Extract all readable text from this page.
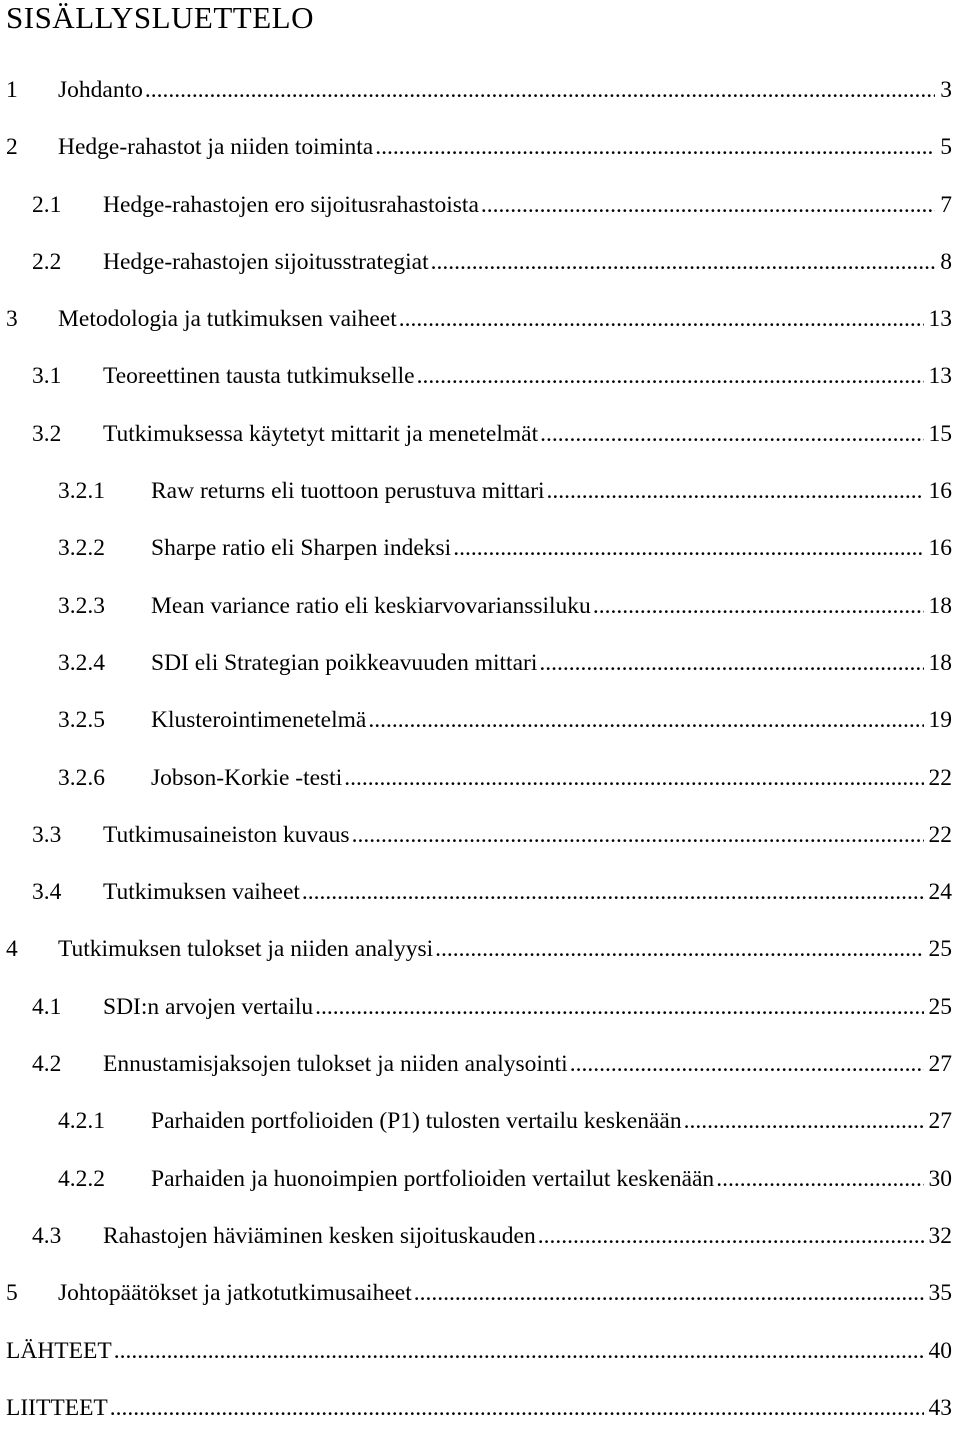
SISÄLLYSLUETTELO
1 Johdanto .....	3
2 Hedge-rahastot ja niiden toiminta .....	5
2.1 Hedge-rahastojen ero sijoitusrahastoista .....	7
2.2 Hedge-rahastojen sijoitusstrategiat .....	8
3 Metodologia ja tutkimuksen vaiheet .....	13
3.1 Teoreettinen tausta tutkimukselle .....	13
3.2 Tutkimuksessa käytetyt mittarit ja menetelmät .....	15
3.2.1 Raw returns eli tuottoon perustuva mittari .....	16
3.2.2 Sharpe ratio eli Sharpen indeksi .....	16
3.2.3 Mean variance ratio eli keskiarvovarianssiluku .....	18
3.2.4 SDI eli Strategian poikkeavuuden mittari .....	18
3.2.5 Klusterointimenetelmä .....	19
3.2.6 Jobson-Korkie -testi .....	22
3.3 Tutkimusaineiston kuvaus .....	22
3.4 Tutkimuksen vaiheet .....	24
4 Tutkimuksen tulokset ja niiden analyysi .....	25
4.1 SDI:n arvojen vertailu .....	25
4.2 Ennustamisjaksojen tulokset ja niiden analysointi .....	27
4.2.1 Parhaiden portfolioiden (P1) tulosten vertailu keskenään .....	27
4.2.2 Parhaiden ja huonoimpien portfolioiden vertailut keskenään .....	30
4.3 Rahastojen häviäminen kesken sijoituskauden .....	32
5 Johtopäätökset ja jatkotutkimusaiheet .....	35
LÄHTEET .....	40
LIITTEET .....	43
